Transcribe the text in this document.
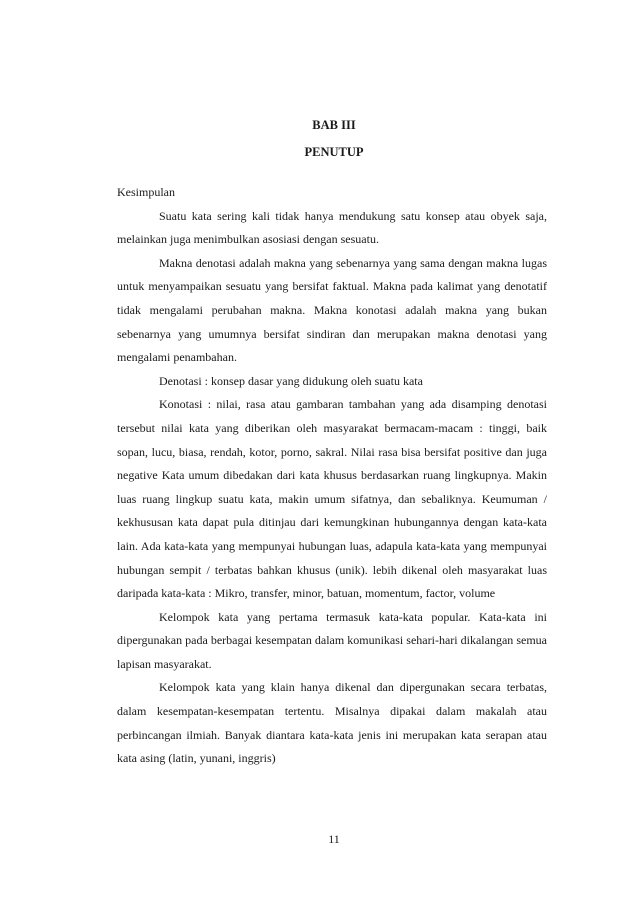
BAB III
PENUTUP

Kesimpulan

Suatu kata sering kali tidak hanya mendukung satu konsep atau obyek saja, melainkan juga menimbulkan asosiasi dengan sesuatu.

Makna denotasi adalah makna yang sebenarnya yang sama dengan makna lugas untuk menyampaikan sesuatu yang bersifat faktual. Makna pada kalimat yang denotatif tidak mengalami perubahan makna. Makna konotasi adalah makna yang bukan sebenarnya yang umumnya bersifat sindiran dan merupakan makna denotasi yang mengalami penambahan.

Denotasi : konsep dasar yang didukung oleh suatu kata

Konotasi : nilai, rasa atau gambaran tambahan yang ada disamping denotasi tersebut nilai kata yang diberikan oleh masyarakat bermacam-macam : tinggi, baik sopan, lucu, biasa, rendah, kotor, porno, sakral. Nilai rasa bisa bersifat positive dan juga negative Kata umum dibedakan dari kata khusus berdasarkan ruang lingkupnya. Makin luas ruang lingkup suatu kata, makin umum sifatnya, dan sebaliknya. Keumuman / kekhususan kata dapat pula ditinjau dari kemungkinan hubungannya dengan kata-kata lain. Ada kata-kata yang mempunyai hubungan luas, adapula kata-kata yang mempunyai hubungan sempit / terbatas bahkan khusus (unik). lebih dikenal oleh masyarakat luas daripada kata-kata : Mikro, transfer, minor, batuan, momentum, factor, volume

Kelompok kata yang pertama termasuk kata-kata popular. Kata-kata ini dipergunakan pada berbagai kesempatan dalam komunikasi sehari-hari dikalangan semua lapisan masyarakat.

Kelompok kata yang klain hanya dikenal dan dipergunakan secara terbatas, dalam kesempatan-kesempatan tertentu. Misalnya dipakai dalam makalah atau perbincangan ilmiah. Banyak diantara kata-kata jenis ini merupakan kata serapan atau kata asing (latin, yunani, inggris)

11
